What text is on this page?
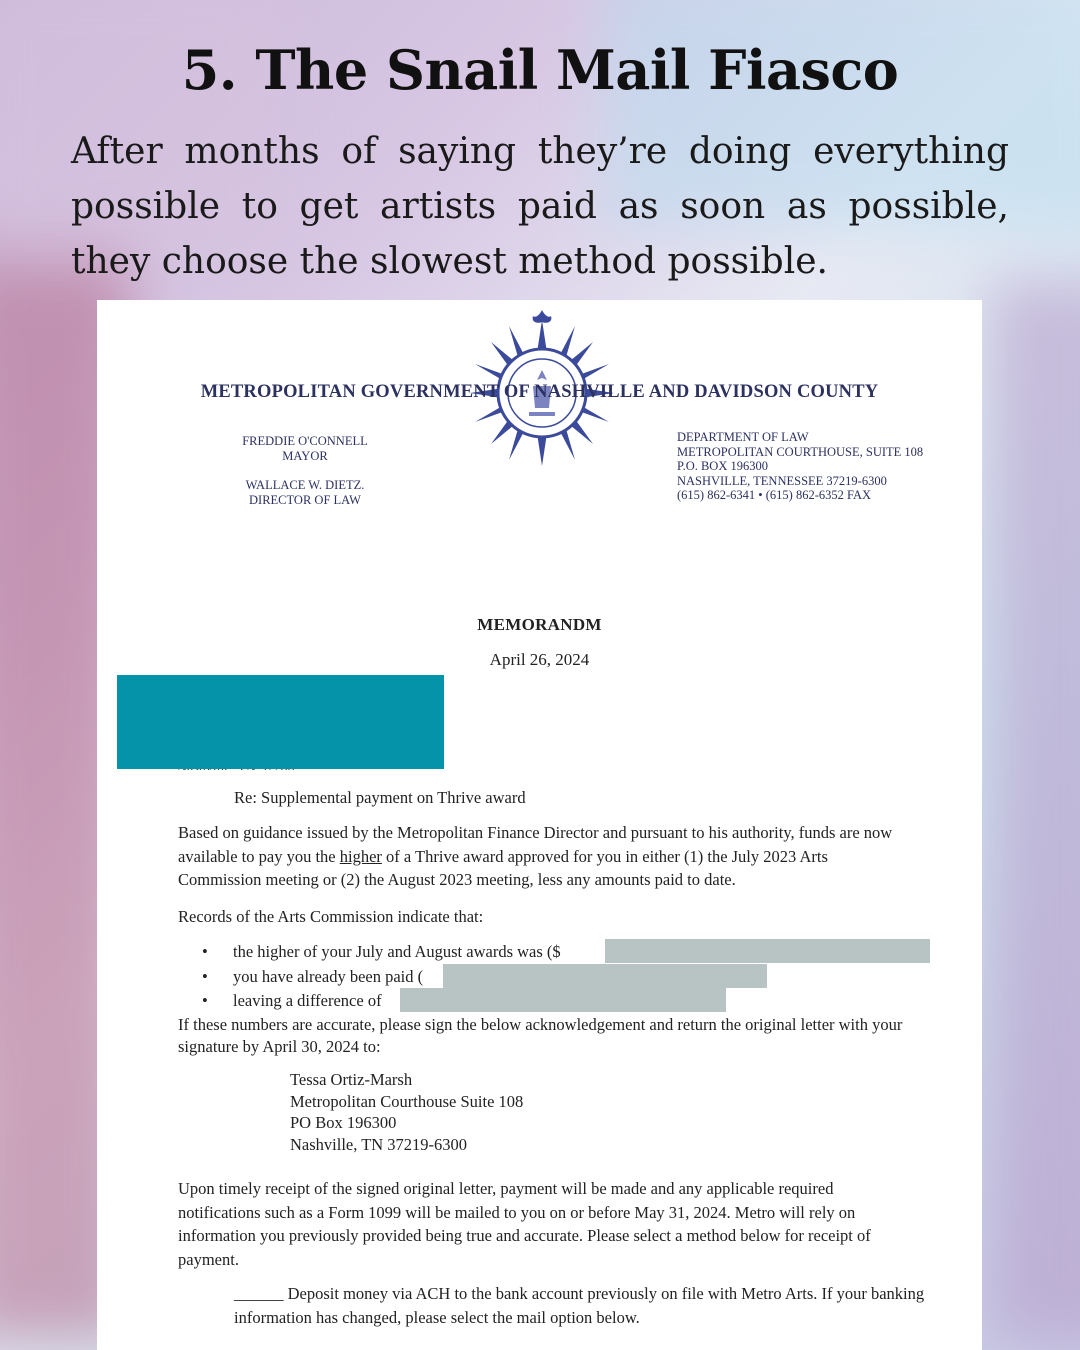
5. The Snail Mail Fiasco

After months of saying they’re doing everything possible to get artists paid as soon as possible, they choose the slowest method possible.

METROPOLITAN GOVERNMENT OF NASHVILLE AND DAVIDSON COUNTY
FREDDIE O'CONNELL
MAYOR
WALLACE W. DIETZ.
DIRECTOR OF LAW
DEPARTMENT OF LAW
METROPOLITAN COURTHOUSE, SUITE 108
P.O. BOX 196300
NASHVILLE, TENNESSEE 37219-6300
(615) 862-6341 • (615) 862-6352 FAX
MEMORANDM
April 26, 2024
Re: Supplemental payment on Thrive award

Based on guidance issued by the Metropolitan Finance Director and pursuant to his authority, funds are now available to pay you the higher of a Thrive award approved for you in either (1) the July 2023 Arts Commission meeting or (2) the August 2023 meeting, less any amounts paid to date.

Records of the Arts Commission indicate that:

• the higher of your July and August awards was ($
• you have already been paid (
• leaving a difference of

If these numbers are accurate, please sign the below acknowledgement and return the original letter with your signature by April 30, 2024 to:

Tessa Ortiz-Marsh
Metropolitan Courthouse Suite 108
PO Box 196300
Nashville, TN 37219-6300

Upon timely receipt of the signed original letter, payment will be made and any applicable required notifications such as a Form 1099 will be mailed to you on or before May 31, 2024. Metro will rely on information you previously provided being true and accurate. Please select a method below for receipt of payment.

______ Deposit money via ACH to the bank account previously on file with Metro Arts. If your banking information has changed, please select the mail option below.
